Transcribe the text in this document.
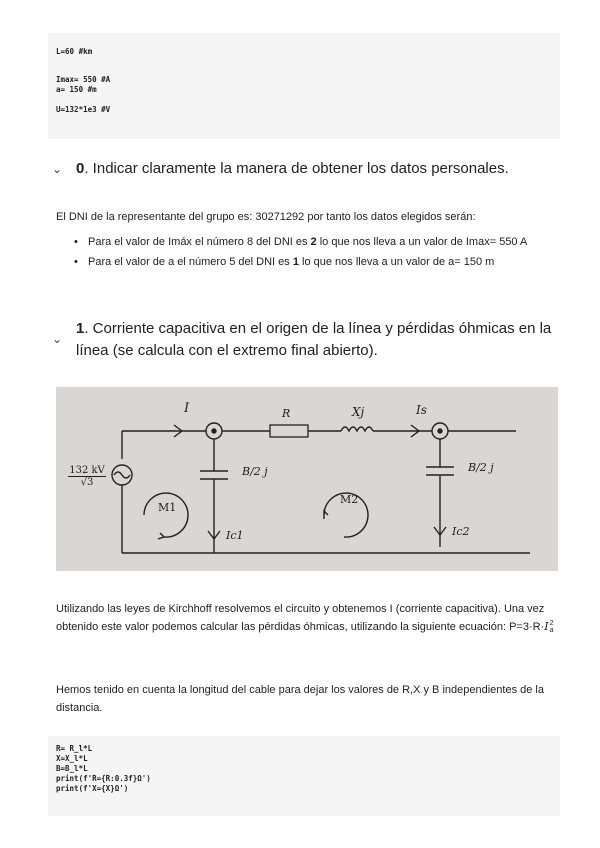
L=60 #km
Imax= 550 #A
a= 150 #m
U=132*1e3 #V
⌄ 0. Indicar claramente la manera de obtener los datos personales.
El DNI de la representante del grupo es: 30271292 por tanto los datos elegidos serán:
• Para el valor de Imáx el número 8 del DNI es 2 lo que nos lleva a un valor de Imax= 550 A
• Para el valor de a el número 5 del DNI es 1 lo que nos lleva a un valor de a= 150 m
⌄
1. Corriente capacitiva en el origen de la línea y pérdidas óhmicas en la línea (se calcula con el extremo final abierto).
132 kV
√3
I	R	Xj	Is
B/2 j	B/2 j
M1
M2
Ic1	Ic2
Utilizando las leyes de Kirchhoff resolvemos el circuito y obtenemos I (corriente capacitiva). Una vez obtenido este valor podemos calcular las pérdidas óhmicas, utilizando la siguiente ecuación: P=3·R·I 2
a
Hemos tenido en cuenta la longitud del cable para dejar los valores de R,X y B independientes de la distancia.
R= R_l*L
X=X_l*L
B=B_l*L
print(f'R={R:0.3f}Ω')
print(f'X={X}Ω')
